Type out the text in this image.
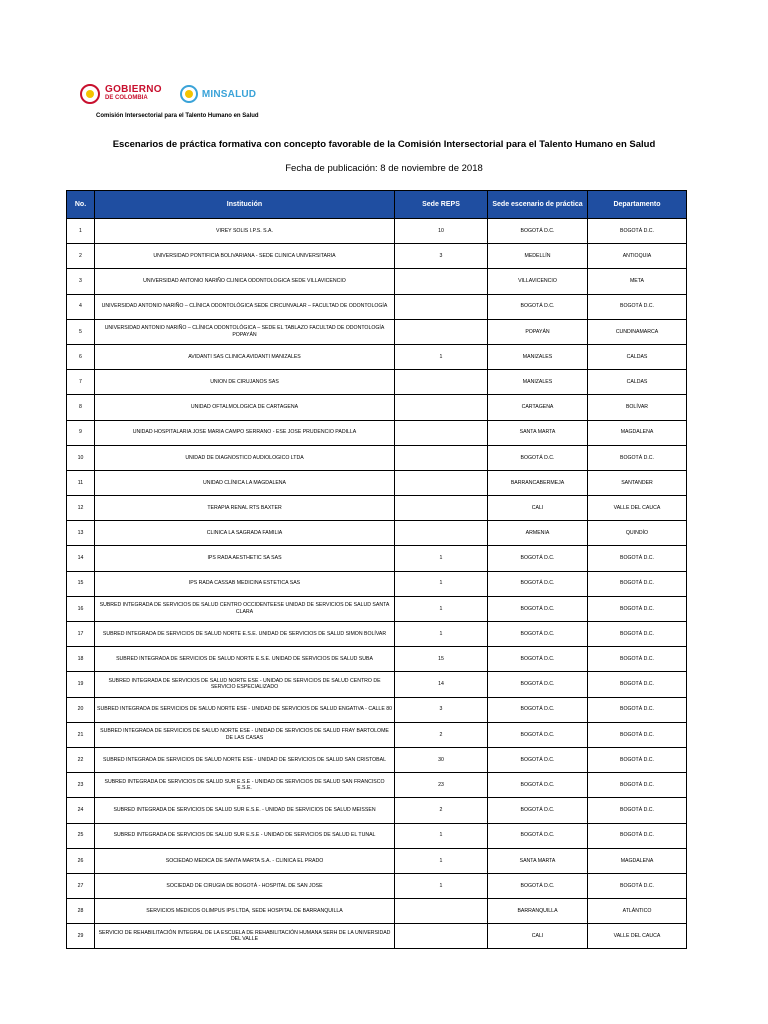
GOBIERNO
DE COLOMBIA	MINSALUD
Comisión Intersectorial para el Talento Humano en Salud
Escenarios de práctica formativa con concepto favorable de la Comisión Intersectorial para el Talento Humano en Salud
Fecha de publicación: 8 de noviembre de 2018
No.	Institución	Sede REPS	Sede escenario de práctica	Departamento
1	VIREY SOLIS I.P.S. S.A.	10	BOGOTÁ D.C.	BOGOTÁ D.C.
2	UNIVERSIDAD PONTIFICIA BOLIVARIANA - SEDE CLINICA UNIVERSITARIA	3	MEDELLÍN	ANTIOQUIA
3	UNIVERSIDAD ANTONIO NARIÑO CLINICA ODONTOLOGICA SEDE VILLAVICENCIO		VILLAVICENCIO	META
4	UNIVERSIDAD ANTONIO NARIÑO – CLÍNICA ODONTOLÓGICA SEDE CIRCUNVALAR – FACULTAD DE ODONTOLOGÍA		BOGOTÁ D.C.	BOGOTÁ D.C.
5	UNIVERSIDAD ANTONIO NARIÑO – CLÍNICA ODONTOLÓGICA – SEDE EL TABLAZO FACULTAD DE ODONTOLOGÍA POPAYÁN		POPAYÁN	CUNDINAMARCA
6	AVIDANTI SAS CLINICA AVIDANTI MANIZALES	1	MANIZALES	CALDAS
7	UNION DE CIRUJANOS SAS		MANIZALES	CALDAS
8	UNIDAD OFTALMOLOGICA DE CARTAGENA		CARTAGENA	BOLÍVAR
9	UNIDAD HOSPITALARIA JOSE MARIA CAMPO SERRANO - ESE JOSE PRUDENCIO PADILLA		SANTA MARTA	MAGDALENA
10	UNIDAD DE DIAGNOSTICO AUDIOLOGICO LTDA		BOGOTÁ D.C.	BOGOTÁ D.C.
11	UNIDAD CLÍNICA LA MAGDALENA		BARRANCABERMEJA	SANTANDER
12	TERAPIA RENAL RTS BAXTER		CALI	VALLE DEL CAUCA
13	CLINICA LA SAGRADA FAMILIA		ARMENIA	QUINDÍO
14	IPS RADA AESTHETIC SA SAS	1	BOGOTÁ D.C.	BOGOTÁ D.C.
15	IPS RADA CASSAB MEDICINA ESTETICA SAS	1	BOGOTÁ D.C.	BOGOTÁ D.C.
16	SUBRED INTEGRADA DE SERVICIOS DE SALUD CENTRO OCCIDENTEESE UNIDAD DE SERVICIOS DE SALUD SANTA CLARA	1	BOGOTÁ D.C.	BOGOTÁ D.C.
17	SUBRED INTEGRADA DE SERVICIOS DE SALUD NORTE E.S.E. UNIDAD DE SERVICIOS DE SALUD SIMON BOLÍVAR	1	BOGOTÁ D.C.	BOGOTÁ D.C.
18	SUBRED INTEGRADA DE SERVICIOS DE SALUD NORTE E.S.E. UNIDAD DE SERVICIOS DE SALUD SUBA	15	BOGOTÁ D.C.	BOGOTÁ D.C.
19	SUBRED INTEGRADA DE SERVICIOS DE SALUD NORTE ESE - UNIDAD DE SERVICIOS DE SALUD CENTRO DE SERVICIO ESPECIALIZADO	14	BOGOTÁ D.C.	BOGOTÁ D.C.
20	SUBRED INTEGRADA DE SERVICIOS DE SALUD NORTE ESE - UNIDAD DE SERVICIOS DE SALUD ENGATIVA - CALLE 80	3	BOGOTÁ D.C.	BOGOTÁ D.C.
21	SUBRED INTEGRADA DE SERVICIOS DE SALUD NORTE ESE - UNIDAD DE SERVICIOS DE SALUD FRAY BARTOLOME DE LAS CASAS	2	BOGOTÁ D.C.	BOGOTÁ D.C.
22	SUBRED INTEGRADA DE SERVICIOS DE SALUD NORTE ESE - UNIDAD DE SERVICIOS DE SALUD SAN CRISTOBAL	30	BOGOTÁ D.C.	BOGOTÁ D.C.
23	SUBRED INTEGRADA DE SERVICIOS DE SALUD SUR E.S.E - UNIDAD DE SERVICIOS DE SALUD SAN FRANCISCO E.S.E.	23	BOGOTÁ D.C.	BOGOTÁ D.C.
24	SUBRED INTEGRADA DE SERVICIOS DE SALUD SUR E.S.E. - UNIDAD DE SERVICIOS DE SALUD MEISSEN	2	BOGOTÁ D.C.	BOGOTÁ D.C.
25	SUBRED INTEGRADA DE SERVICIOS DE SALUD SUR E.S.E - UNIDAD DE SERVICIOS DE SALUD EL TUNAL	1	BOGOTÁ D.C.	BOGOTÁ D.C.
26	SOCIEDAD MEDICA DE SANTA MARTA S.A. - CLINICA EL PRADO	1	SANTA MARTA	MAGDALENA
27	SOCIEDAD DE CIRUGIA DE BOGOTÁ - HOSPITAL DE SAN JOSE	1	BOGOTÁ D.C.	BOGOTÁ D.C.
28	SERVICIOS MEDICOS OLIMPUS IPS LTDA, SEDE HOSPITAL DE BARRANQUILLA		BARRANQUILLA	ATLÁNTICO
29	SERVICIO DE REHABILITACIÓN INTEGRAL DE LA ESCUELA DE REHABILITACIÓN HUMANA SERH DE LA UNIVERSIDAD DEL VALLE		CALI	VALLE DEL CAUCA
